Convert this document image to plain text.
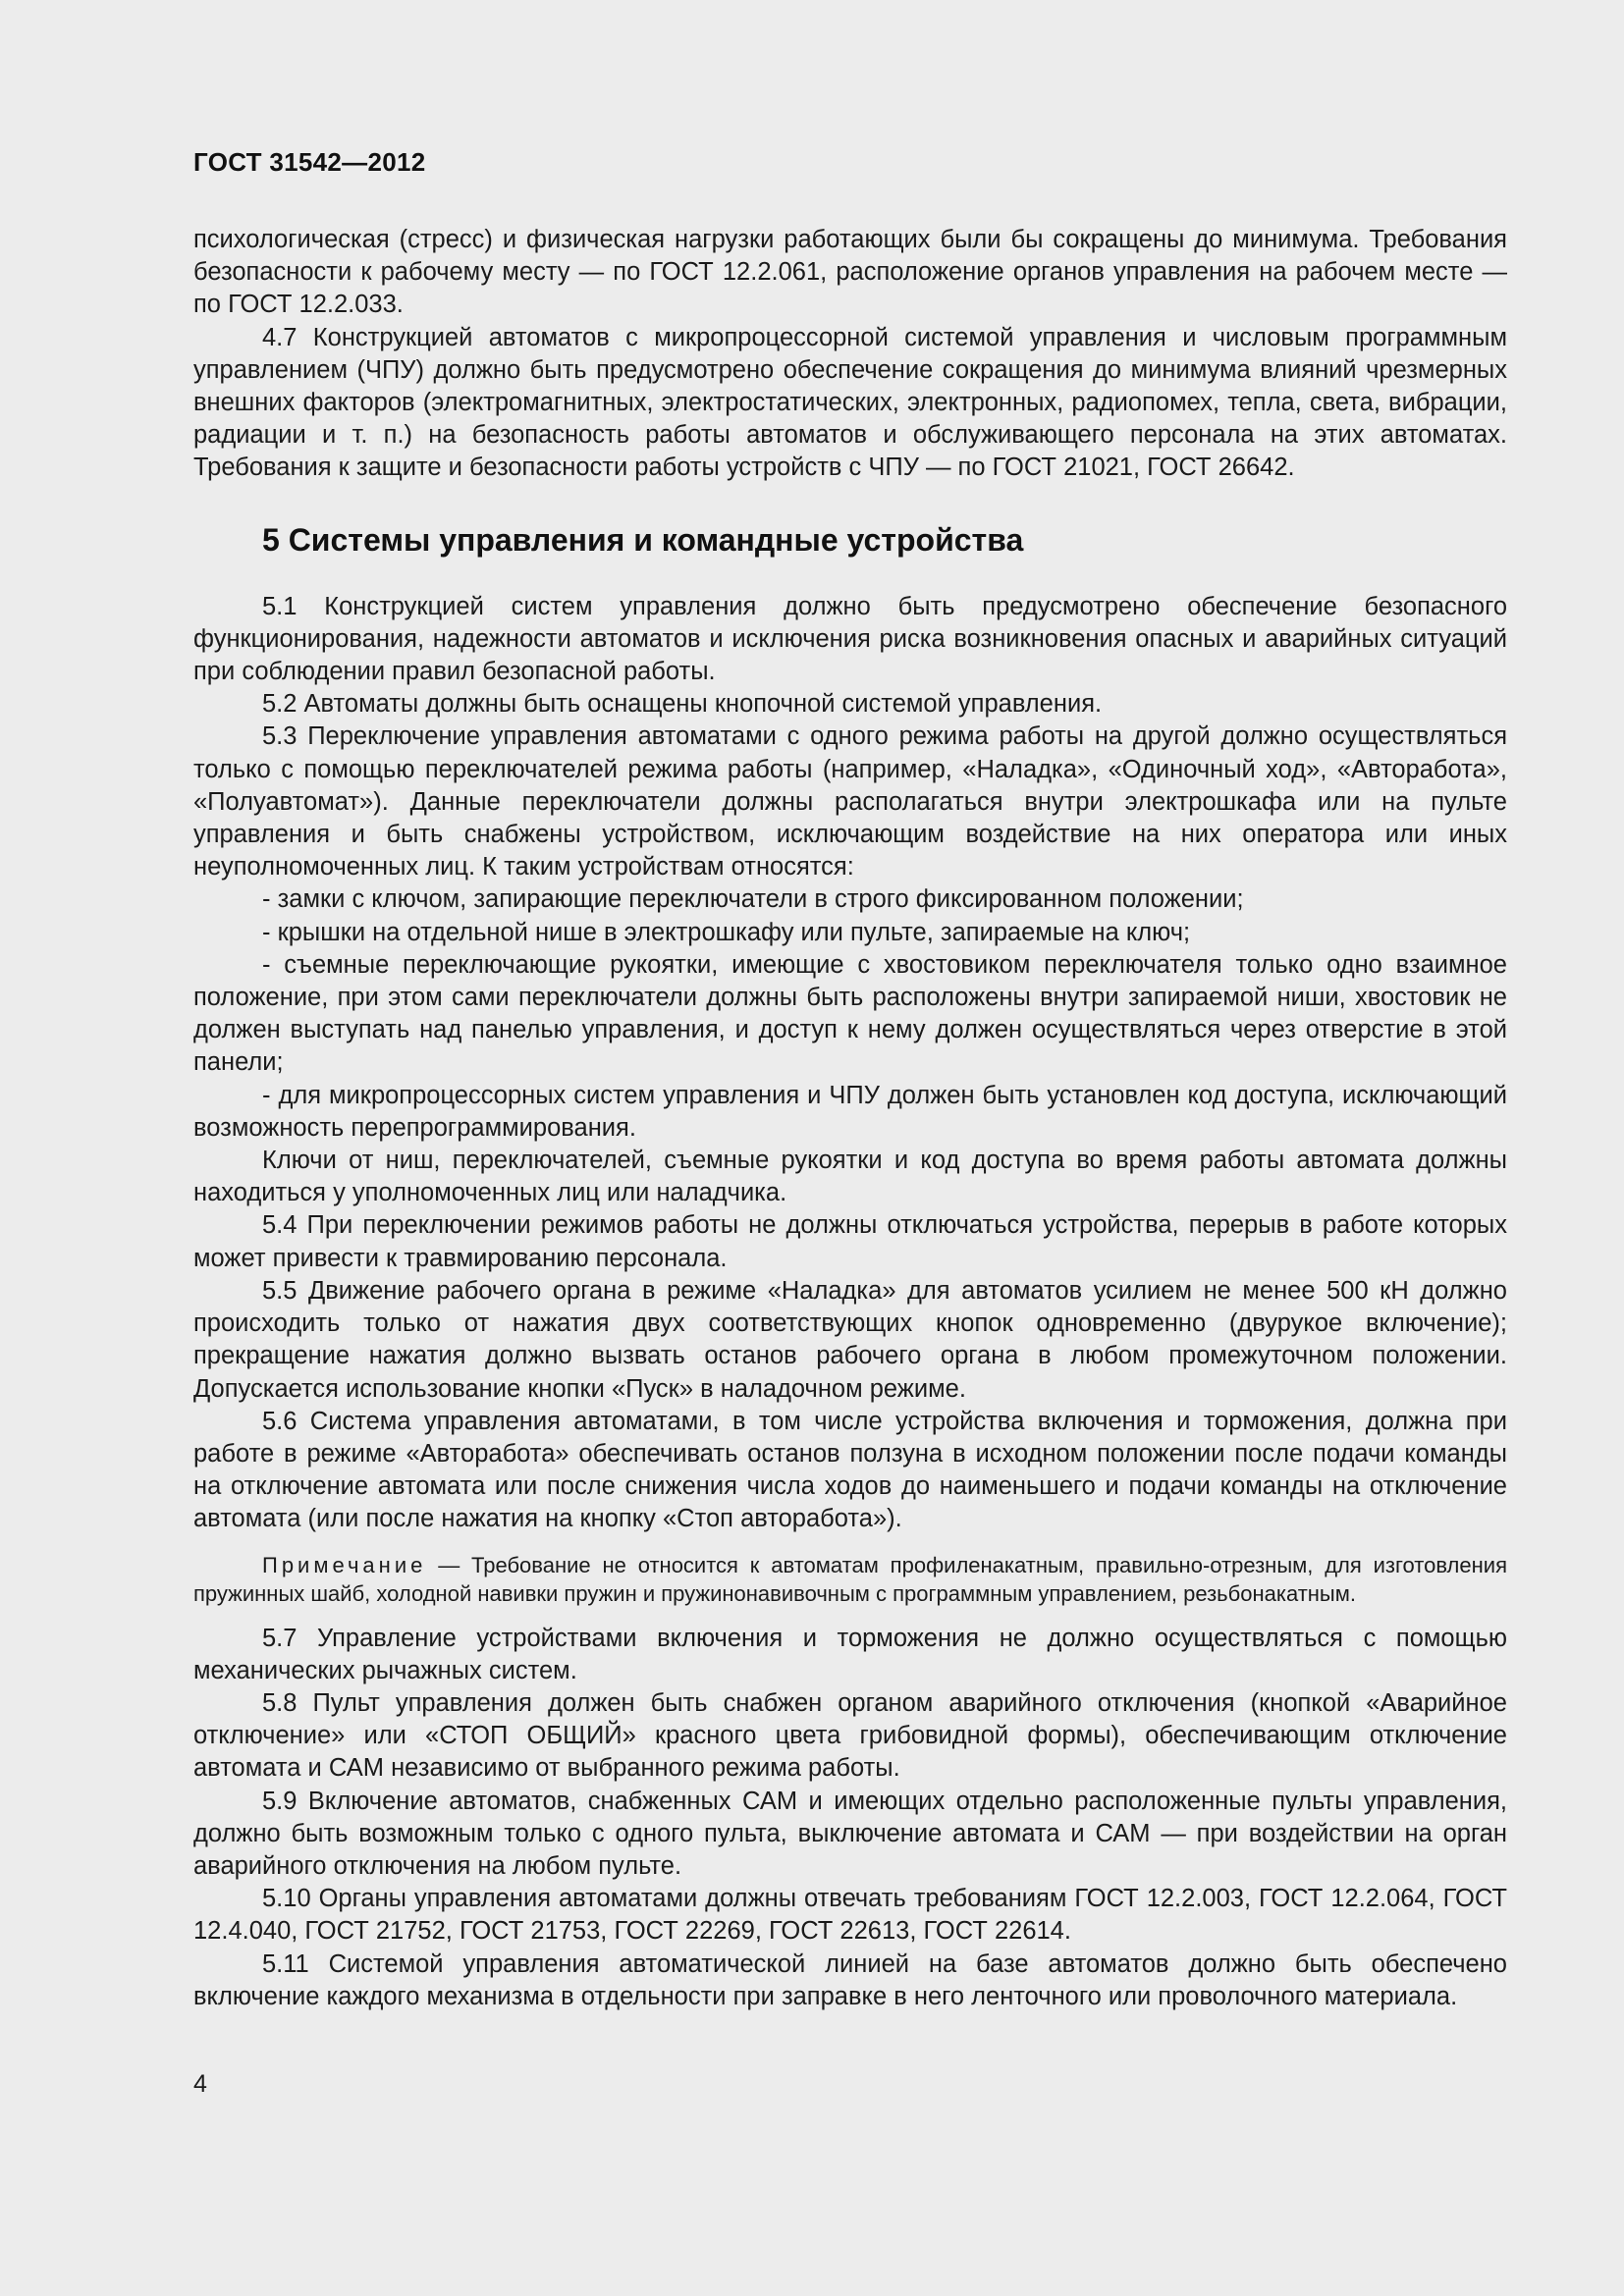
ГОСТ 31542—2012

психологическая (стресс) и физическая нагрузки работающих были бы сокращены до минимума. Требования безопасности к рабочему месту — по ГОСТ 12.2.061, расположение органов управления на рабочем месте — по ГОСТ 12.2.033.

4.7 Конструкцией автоматов с микропроцессорной системой управления и числовым программным управлением (ЧПУ) должно быть предусмотрено обеспечение сокращения до минимума влияний чрезмерных внешних факторов (электромагнитных, электростатических, электронных, радиопомех, тепла, света, вибрации, радиации и т. п.) на безопасность работы автоматов и обслуживающего персонала на этих автоматах. Требования к защите и безопасности работы устройств с ЧПУ — по ГОСТ 21021, ГОСТ 26642.

5 Системы управления и командные устройства

5.1 Конструкцией систем управления должно быть предусмотрено обеспечение безопасного функционирования, надежности автоматов и исключения риска возникновения опасных и аварийных ситуаций при соблюдении правил безопасной работы.

5.2 Автоматы должны быть оснащены кнопочной системой управления.

5.3 Переключение управления автоматами с одного режима работы на другой должно осуществляться только с помощью переключателей режима работы (например, «Наладка», «Одиночный ход», «Авторабота», «Полуавтомат»). Данные переключатели должны располагаться внутри электрошкафа или на пульте управления и быть снабжены устройством, исключающим воздействие на них оператора или иных неуполномоченных лиц. К таким устройствам относятся:

- замки с ключом, запирающие переключатели в строго фиксированном положении;

- крышки на отдельной нише в электрошкафу или пульте, запираемые на ключ;

- съемные переключающие рукоятки, имеющие с хвостовиком переключателя только одно взаимное положение, при этом сами переключатели должны быть расположены внутри запираемой ниши, хвостовик не должен выступать над панелью управления, и доступ к нему должен осуществляться через отверстие в этой панели;

- для микропроцессорных систем управления и ЧПУ должен быть установлен код доступа, исключающий возможность перепрограммирования.

Ключи от ниш, переключателей, съемные рукоятки и код доступа во время работы автомата должны находиться у уполномоченных лиц или наладчика.

5.4 При переключении режимов работы не должны отключаться устройства, перерыв в работе которых может привести к травмированию персонала.

5.5 Движение рабочего органа в режиме «Наладка» для автоматов усилием не менее 500 кН должно происходить только от нажатия двух соответствующих кнопок одновременно (двурукое включение); прекращение нажатия должно вызвать останов рабочего органа в любом промежуточном положении. Допускается использование кнопки «Пуск» в наладочном режиме.

5.6 Система управления автоматами, в том числе устройства включения и торможения, должна при работе в режиме «Авторабота» обеспечивать останов ползуна в исходном положении после подачи команды на отключение автомата или после снижения числа ходов до наименьшего и подачи команды на отключение автомата (или после нажатия на кнопку «Стоп авторабота»).

Примечание — Требование не относится к автоматам профиленакатным, правильно-отрезным, для изготовления пружинных шайб, холодной навивки пружин и пружинонавивочным с программным управлением, резьбонакатным.

5.7 Управление устройствами включения и торможения не должно осуществляться с помощью механических рычажных систем.

5.8 Пульт управления должен быть снабжен органом аварийного отключения (кнопкой «Аварийное отключение» или «СТОП ОБЩИЙ» красного цвета грибовидной формы), обеспечивающим отключение автомата и САМ независимо от выбранного режима работы.

5.9 Включение автоматов, снабженных САМ и имеющих отдельно расположенные пульты управления, должно быть возможным только с одного пульта, выключение автомата и САМ — при воздействии на орган аварийного отключения на любом пульте.

5.10 Органы управления автоматами должны отвечать требованиям ГОСТ 12.2.003, ГОСТ 12.2.064, ГОСТ 12.4.040, ГОСТ 21752, ГОСТ 21753, ГОСТ 22269, ГОСТ 22613, ГОСТ 22614.

5.11 Системой управления автоматической линией на базе автоматов должно быть обеспечено включение каждого механизма в отдельности при заправке в него ленточного или проволочного материала.

4
